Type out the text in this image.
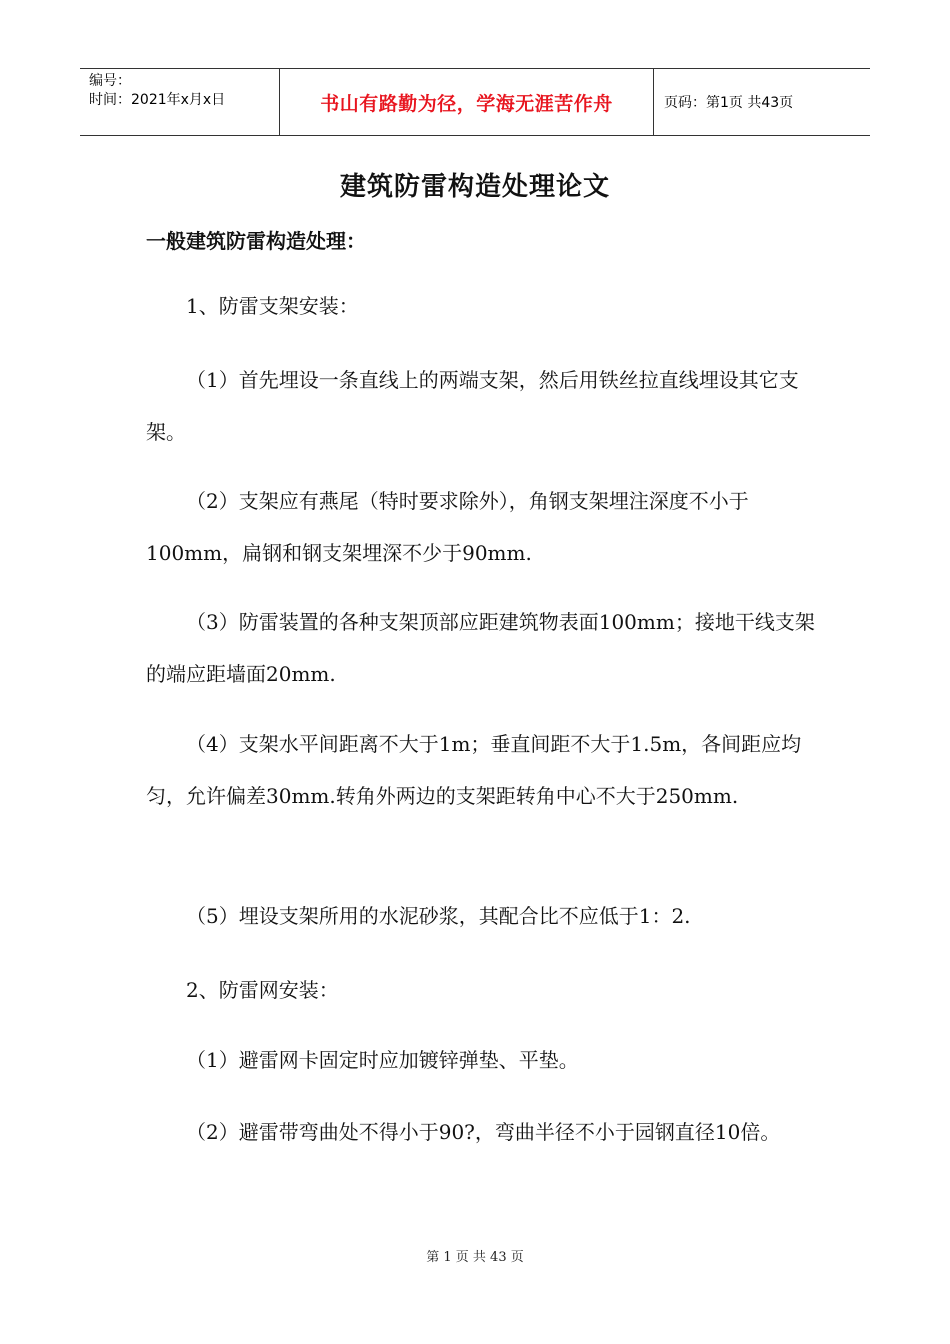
编号：
时间：2021年x月x日	书山有路勤为径，学海无涯苦作舟	页码：第1页 共43页
建筑防雷构造处理论文
一般建筑防雷构造处理：

1、防雷支架安装：

（1）首先埋设一条直线上的两端支架，然后用铁丝拉直线埋设其它支架。

（2）支架应有燕尾（特时要求除外），角钢支架埋注深度不小于100mm，扁钢和钢支架埋深不少于90mm.

（3）防雷装置的各种支架顶部应距建筑物表面100mm；接地干线支架的端应距墙面20mm.

（4）支架水平间距离不大于1m；垂直间距不大于1.5m，各间距应均匀，允许偏差30mm.转角外两边的支架距转角中心不大于250mm.

（5）埋设支架所用的水泥砂浆，其配合比不应低于1：2.

2、防雷网安装：

（1）避雷网卡固定时应加镀锌弹垫、平垫。

（2）避雷带弯曲处不得小于90?，弯曲半径不小于园钢直径10倍。

第 1 页 共 43 页
